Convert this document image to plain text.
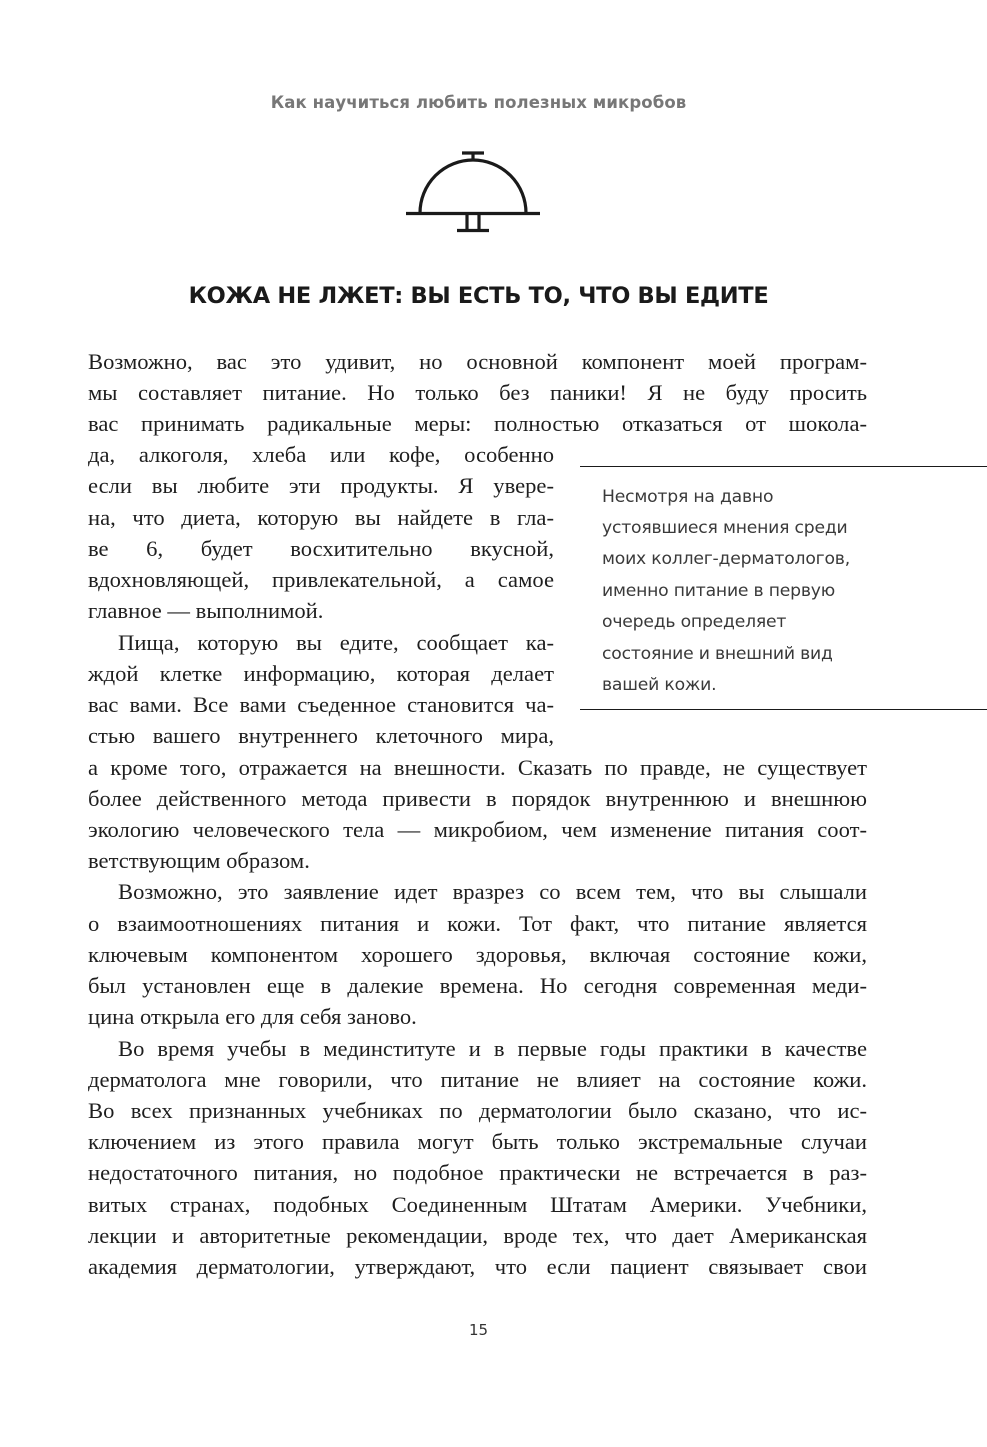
Как научиться любить полезных микробов
КОЖА НЕ ЛЖЕТ: ВЫ ЕСТЬ ТО, ЧТО ВЫ ЕДИТЕ

Возможно, вас это удивит, но основной компонент моей програм-

мы составляет питание. Но только без паники! Я не буду просить

вас принимать радикальные меры: полностью отказаться от шокола-

да, алкоголя, хлеба или кофе, особенно

если вы любите эти продукты. Я увере-

на, что диета, которую вы найдете в гла-

ве 6, будет восхитительно вкусной,

вдохновляющей, привлекательной, а самое

главное — выполнимой.

Пища, которую вы едите, сообщает ка-

ждой клетке информацию, которая делает

вас вами. Все вами съеденное становится ча-

стью вашего внутреннего клеточного мира,

а кроме того, отражается на внешности. Сказать по правде, не существует

более действенного метода привести в порядок внутреннюю и внешнюю

экологию человеческого тела — микробиом, чем изменение питания соот-

ветствующим образом.

Возможно, это заявление идет вразрез со всем тем, что вы слышали

о взаимоотношениях питания и кожи. Тот факт, что питание является

ключевым компонентом хорошего здоровья, включая состояние кожи,

был установлен еще в далекие времена. Но сегодня современная меди-

цина открыла его для себя заново.

Во время учебы в мединституте и в первые годы практики в качестве

дерматолога мне говорили, что питание не влияет на состояние кожи.

Во всех признанных учебниках по дерматологии было сказано, что ис-

ключением из этого правила могут быть только экстремальные случаи

недостаточного питания, но подобное практически не встречается в раз-

витых странах, подобных Соединенным Штатам Америки. Учебники,

лекции и авторитетные рекомендации, вроде тех, что дает Американская

академия дерматологии, утверждают, что если пациент связывает свои

Несмотря на давно

устоявшиеся мнения среди

моих коллег-дерматологов,

именно питание в первую

очередь определяет

состояние и внешний вид

вашей кожи.

15
